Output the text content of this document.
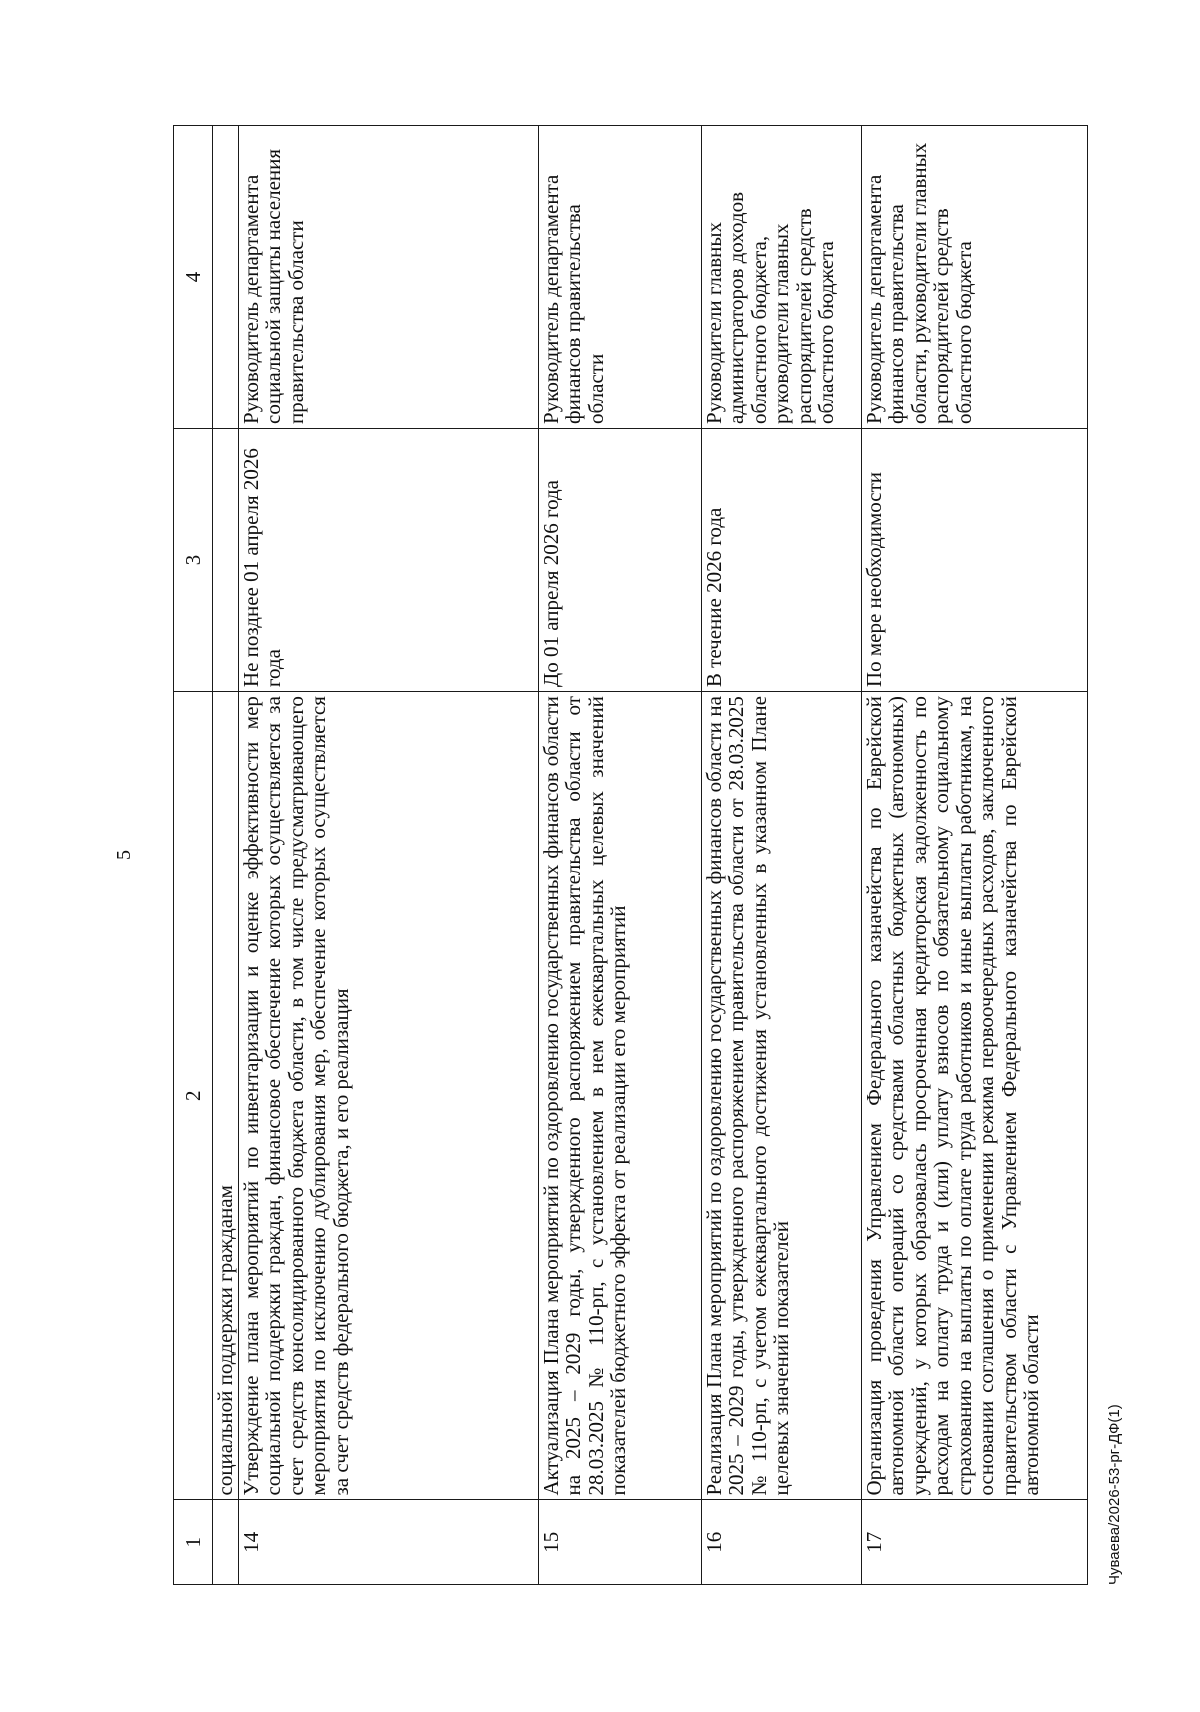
5
1	2	3	4
	социальной поддержки гражданам		
14	Утверждение плана мероприятий по инвентаризации и оценке эффективности мер социальной поддержки граждан, финансовое обеспечение которых осуществляется за счет средств консолидированного бюджета области, в том числе предусматривающего мероприятия по исключению дублирования мер, обеспечение которых осуществляется за счет средств федерального бюджета, и его реализация	Не позднее 01 апреля 2026 года	Руководитель департамента социальной защиты населения правительства области
15	Актуализация Плана мероприятий по оздоровлению государственных финансов области на 2025 – 2029 годы, утвержденного распоряжением правительства области от 28.03.2025 № 110-рп, с установлением в нем ежеквартальных целевых значений показателей бюджетного эффекта от реализации его мероприятий	До 01 апреля 2026 года	Руководитель департамента финансов правительства области
16	Реализация Плана мероприятий по оздоровлению государственных финансов области на 2025 – 2029 годы, утвержденного распоряжением правительства области от 28.03.2025 № 110-рп, с учетом ежеквартального достижения установленных в указанном Плане целевых значений показателей	В течение 2026 года	Руководители главных администраторов доходов областного бюджета, руководители главных распорядителей средств областного бюджета
17	Организация проведения Управлением Федерального казначейства по Еврейской автономной области операций со средствами областных бюджетных (автономных) учреждений, у которых образовалась просроченная кредиторская задолженность по расходам на оплату труда и (или) уплату взносов по обязательному социальному страхованию на выплаты по оплате труда работников и иные выплаты работникам, на основании соглашения о применении режима первоочередных расходов, заключенного правительством области с Управлением Федерального казначейства по Еврейской автономной области	По мере необходимости	Руководитель департамента финансов правительства области, руководители главных распорядителей средств областного бюджета
Чуваева/2026-53-рг-ДФ(1)
